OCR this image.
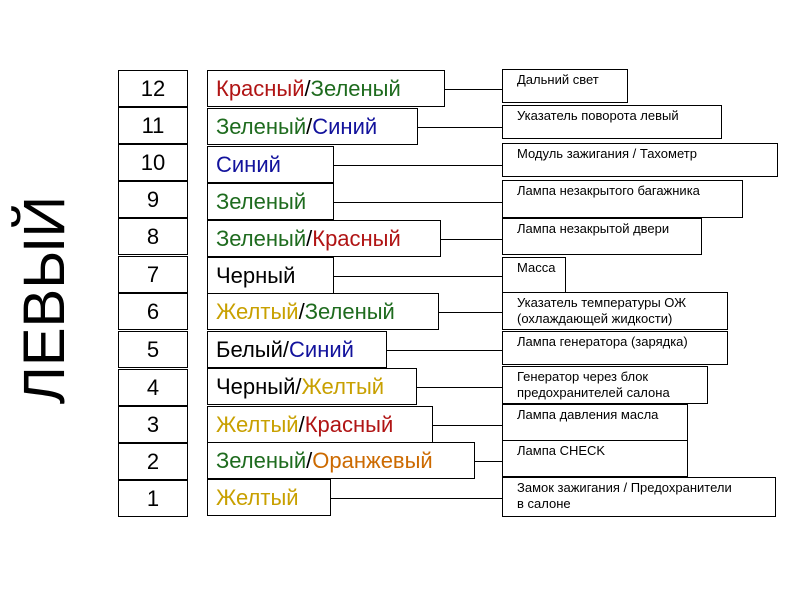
ЛЕВЫЙ
12	Красный / Зеленый	Дальний свет
11	Зеленый / Синий	Указатель поворота левый
10	Синий	Модуль зажигания / Тахометр
9	Зеленый	Лампа незакрытого багажника
8	Зеленый / Красный	Лампа незакрытой двери
7	Черный	Масса
6	Желтый / Зеленый	Указатель температуры ОЖ
(охлаждающей жидкости)
5	Белый / Синий	Лампа генератора (зарядка)
4	Черный / Желтый	Генератор через блок
предохранителей салона
3	Желтый / Красный	Лампа давления масла
2	Зеленый / Оранжевый	Лампа CHECK
1	Желтый	Замок зажигания / Предохранители
в салоне
